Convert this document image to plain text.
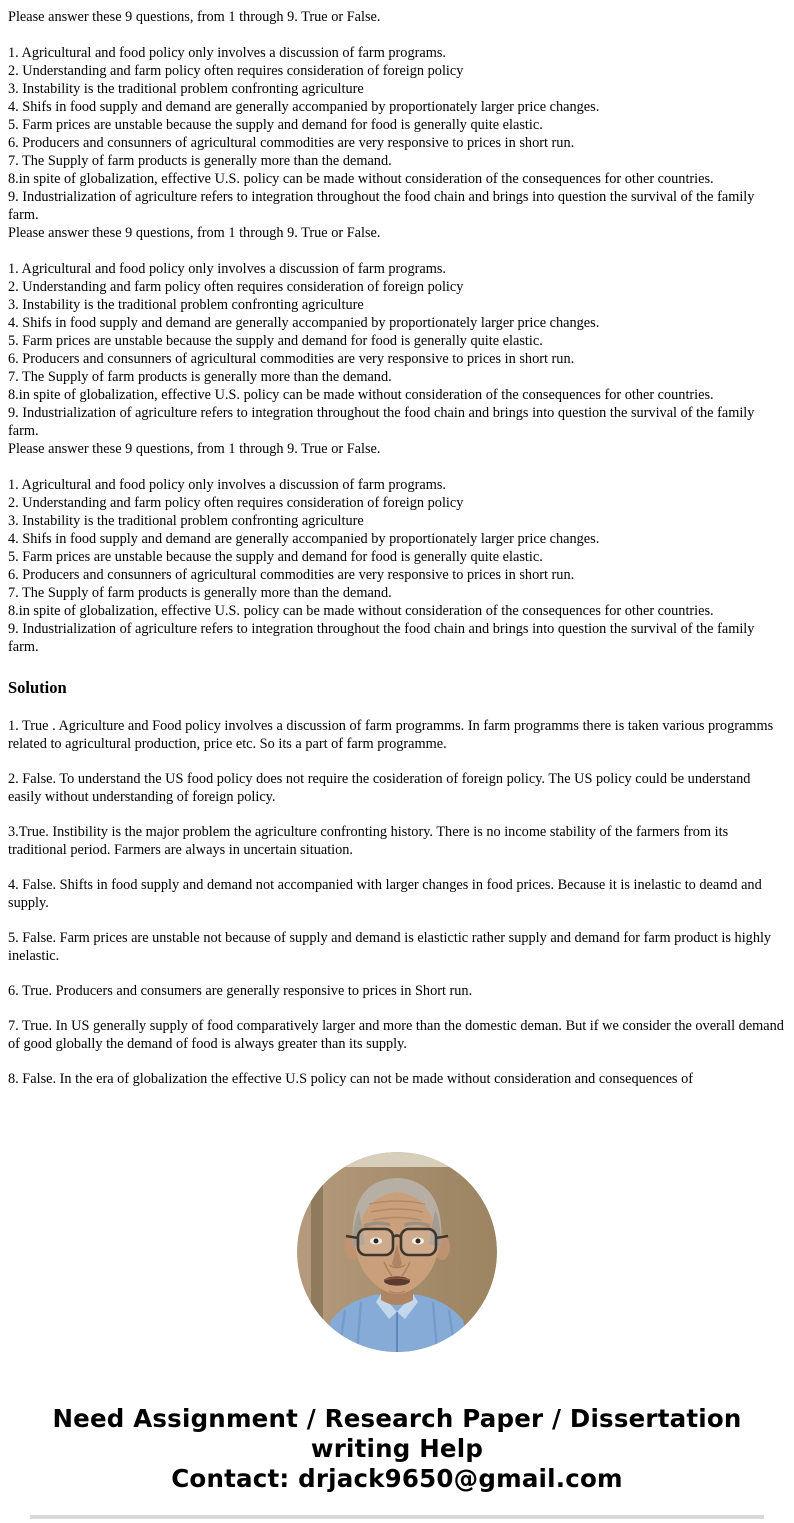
Please answer these 9 questions, from 1 through 9. True or False.

1. Agricultural and food policy only involves a discussion of farm programs.

2. Understanding and farm policy often requires consideration of foreign policy

3. Instability is the traditional problem confronting agriculture

4. Shifs in food supply and demand are generally accompanied by proportionately larger price changes.

5. Farm prices are unstable because the supply and demand for food is generally quite elastic.

6. Producers and consunners of agricultural commodities are very responsive to prices in short run.

7. The Supply of farm products is generally more than the demand.

8.in spite of globalization, effective U.S. policy can be made without consideration of the consequences for other countries.

9. Industrialization of agriculture refers to integration throughout the food chain and brings into question the survival of the family farm.

Please answer these 9 questions, from 1 through 9. True or False.

1. Agricultural and food policy only involves a discussion of farm programs.

2. Understanding and farm policy often requires consideration of foreign policy

3. Instability is the traditional problem confronting agriculture

4. Shifs in food supply and demand are generally accompanied by proportionately larger price changes.

5. Farm prices are unstable because the supply and demand for food is generally quite elastic.

6. Producers and consunners of agricultural commodities are very responsive to prices in short run.

7. The Supply of farm products is generally more than the demand.

8.in spite of globalization, effective U.S. policy can be made without consideration of the consequences for other countries.

9. Industrialization of agriculture refers to integration throughout the food chain and brings into question the survival of the family farm.

Please answer these 9 questions, from 1 through 9. True or False.

1. Agricultural and food policy only involves a discussion of farm programs.

2. Understanding and farm policy often requires consideration of foreign policy

3. Instability is the traditional problem confronting agriculture

4. Shifs in food supply and demand are generally accompanied by proportionately larger price changes.

5. Farm prices are unstable because the supply and demand for food is generally quite elastic.

6. Producers and consunners of agricultural commodities are very responsive to prices in short run.

7. The Supply of farm products is generally more than the demand.

8.in spite of globalization, effective U.S. policy can be made without consideration of the consequences for other countries.

9. Industrialization of agriculture refers to integration throughout the food chain and brings into question the survival of the family farm.

Solution

1. True . Agriculture and Food policy involves a discussion of farm programms. In farm programms there is taken various programms related to agricultural production, price etc. So its a part of farm programme.

2. False. To understand the US food policy does not require the cosideration of foreign policy. The US policy could be understand easily without understanding of foreign policy.

3.True. Instibility is the major problem the agriculture confronting history. There is no income stability of the farmers from its traditional period. Farmers are always in uncertain situation.

4. False. Shifts in food supply and demand not accompanied with larger changes in food prices. Because it is inelastic to deamd and supply.

5. False. Farm prices are unstable not because of supply and demand is elastictic rather supply and demand for farm product is highly inelastic.

6. True. Producers and consumers are generally responsive to prices in Short run.

7. True. In US generally supply of food comparatively larger and more than the domestic deman. But if we consider the overall demand of good globally the demand of food is always greater than its supply.

8. False. In the era of globalization the effective U.S policy can not be made without consideration and consequences of

Need Assignment / Research Paper / Dissertation writing Help
Contact: drjack9650@gmail.com
